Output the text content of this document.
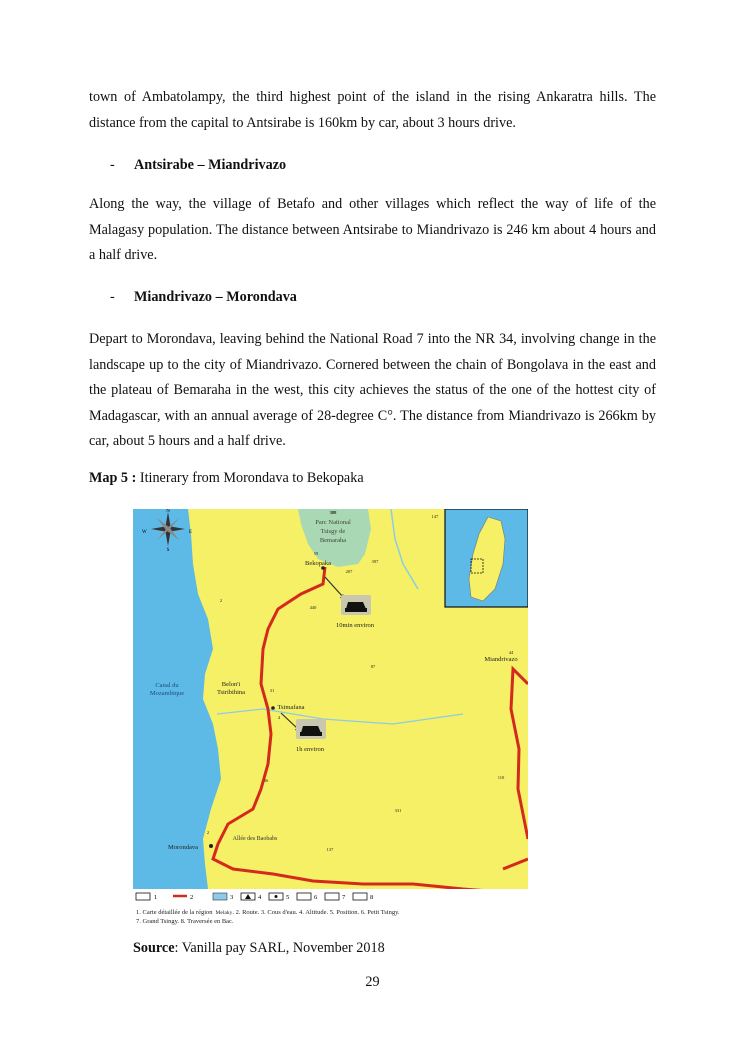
town of Ambatolampy, the third highest point of the island in the rising Ankaratra hills. The distance from the capital to Antsirabe is 160km by car, about 3 hours drive.

- Antsirabe – Miandrivazo

Along the way, the village of Betafo and other villages which reflect the way of life of the Malagasy population. The distance between Antsirabe to Miandrivazo is 246 km about 4 hours and a half drive.

- Miandrivazo – Morondava

Depart to Morondava, leaving behind the National Road 7 into the NR 34, involving change in the landscape up to the city of Miandrivazo. Cornered between the chain of Bongolava in the east and the plateau of Bemaraha in the west, this city achieves the status of the one of the hottest city of Madagascar, with an annual average of 28-degree C°. The distance from Miandrivazo is 266km by car, about 5 hours and a half drive.

Map 5 : Itinerary from Morondava to Bekopaka

N
W	E
S
Parc National
Tsisgy de
Bemaraha
Canal du
Mozambique
Bekopaka
Miandrivazo
Belon'i
Tsiribihina
Tsimafana
Morondava
Allée des Baobabs
10min environ
1h environ
388
147
397
59
207
440
2
44
87
31
4
36
110
331
2
137
1	2	3	4	5	6	7	8
1. Carte détaillée de la région Melaky. 2. Route. 3. Cous d'eau. 4. Altitude. 5. Position. 6. Petit Tsingy.
7. Grand Tsingy. 8. Traversée en Bac.

Source: Vanilla pay SARL, November 2018

29
